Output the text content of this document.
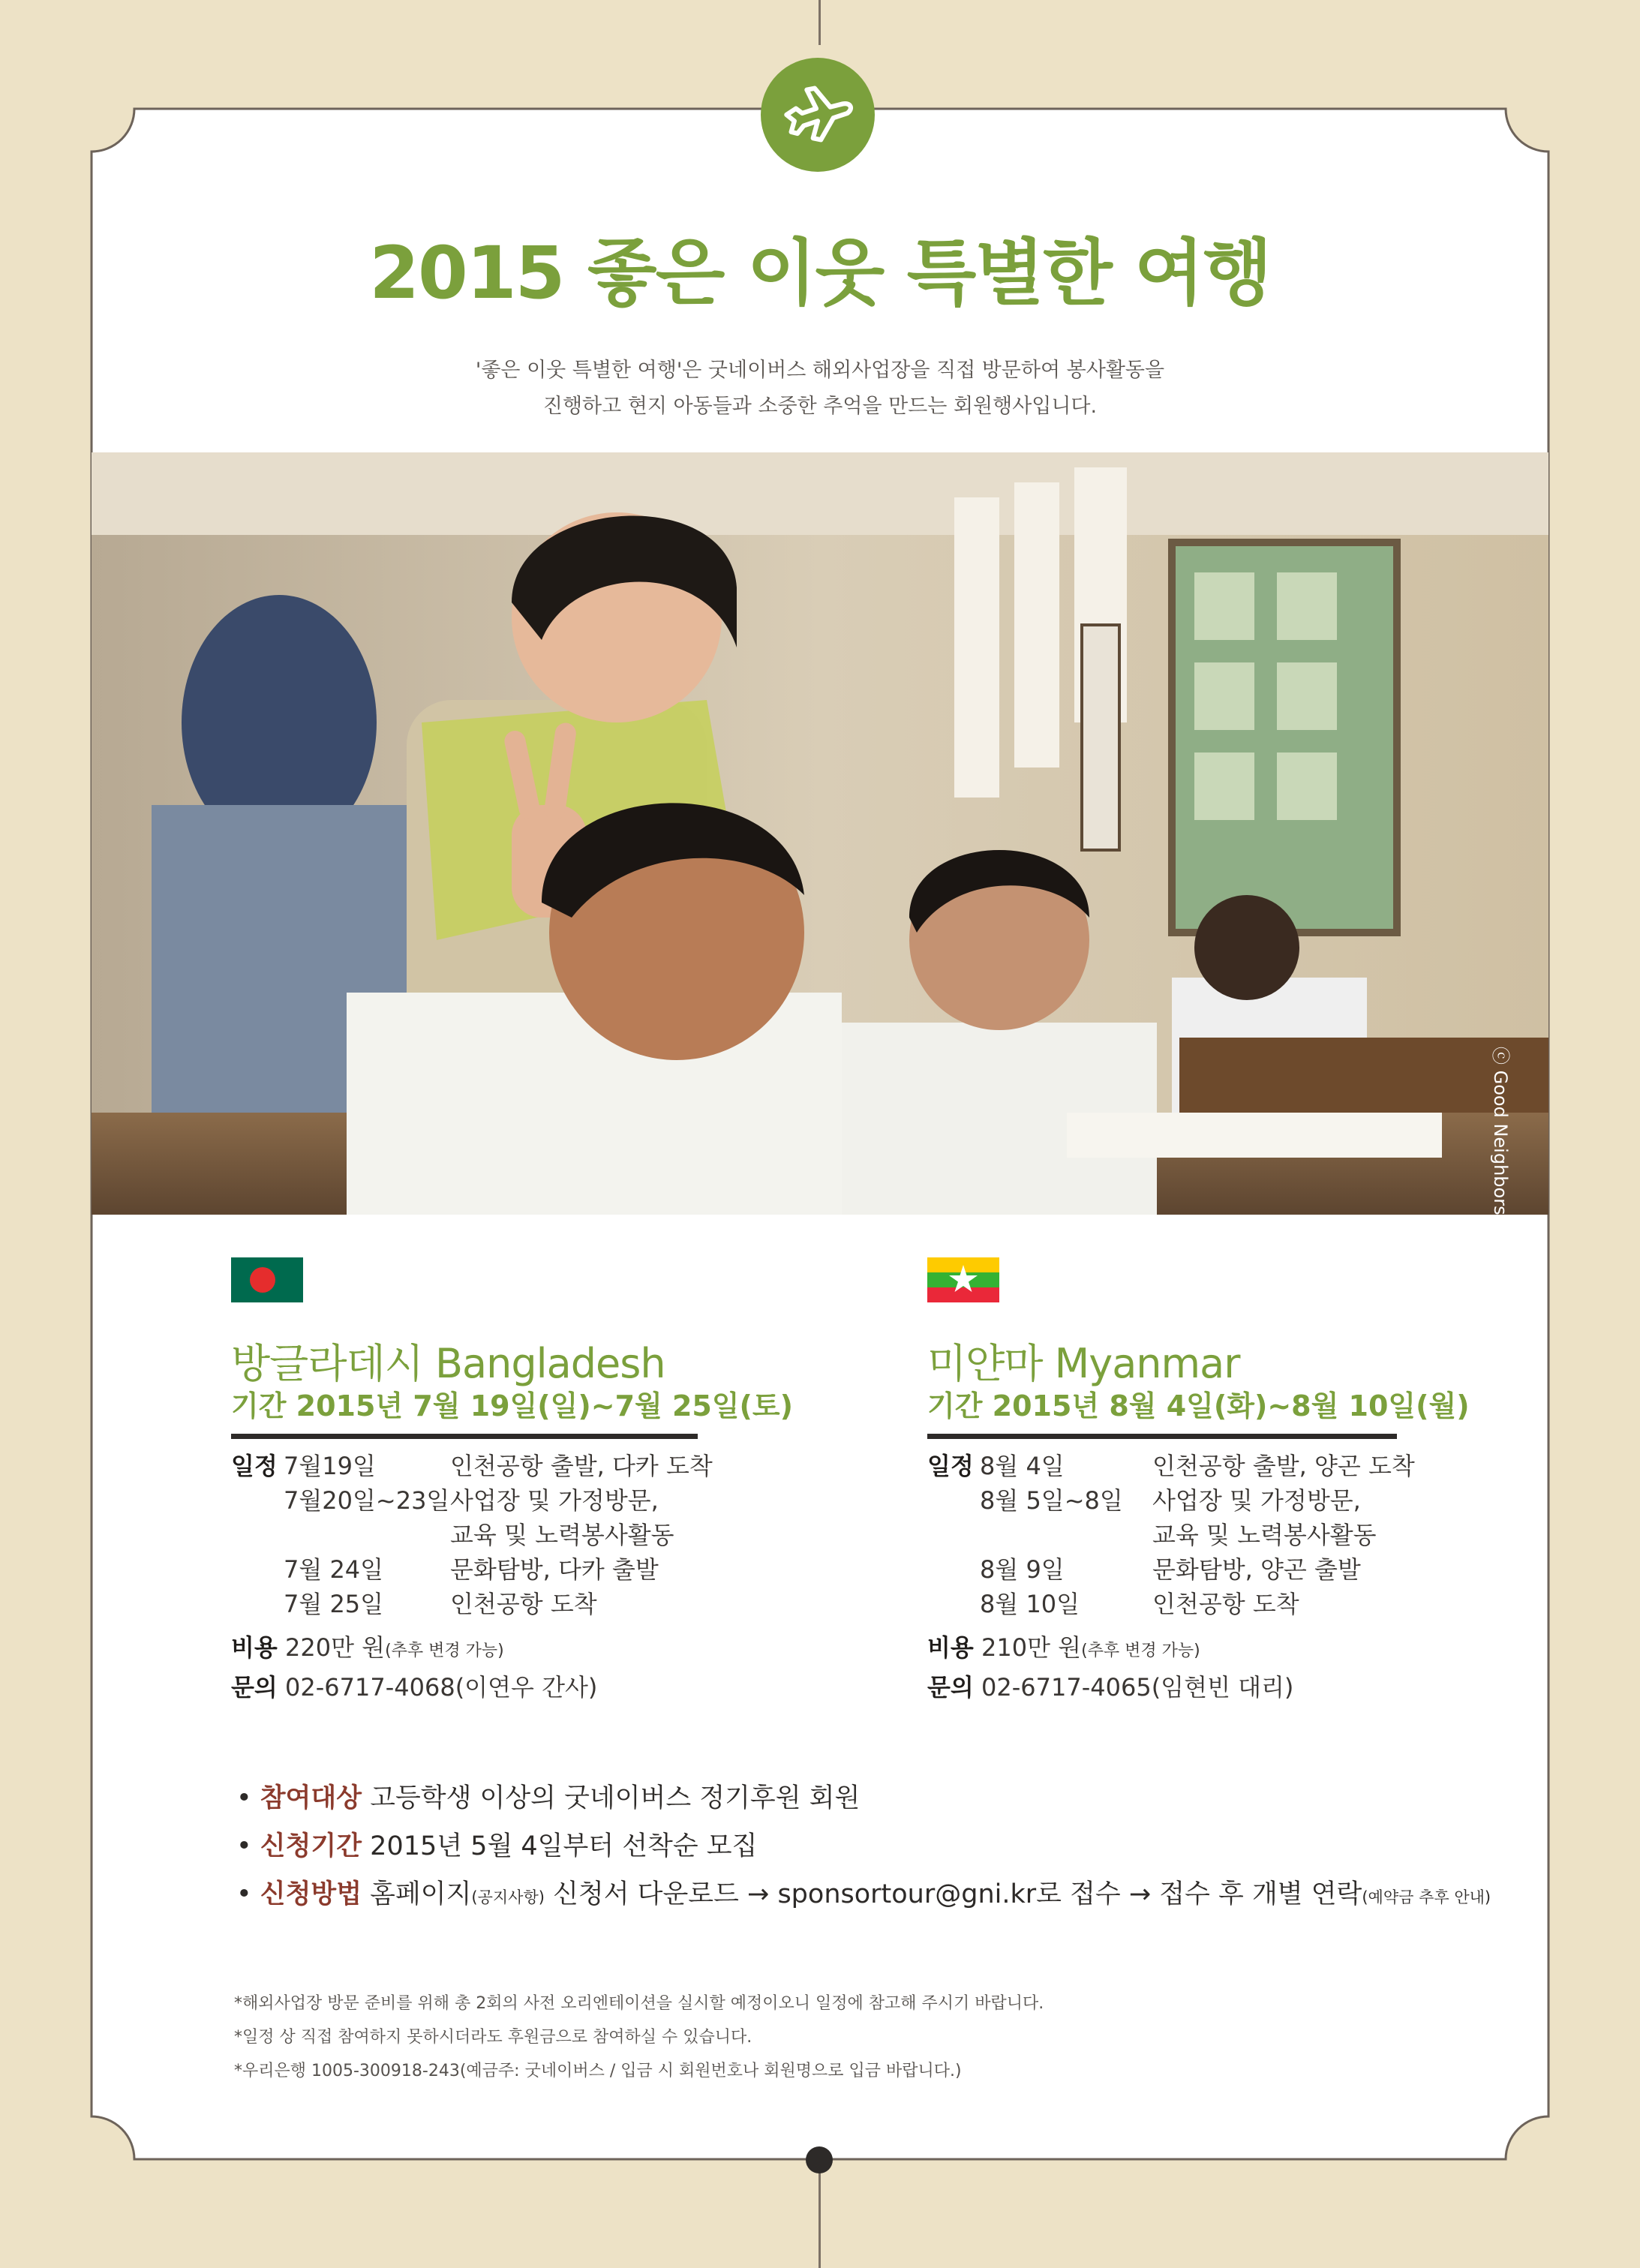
2015 좋은 이웃 특별한 여행
'좋은 이웃 특별한 여행'은 굿네이버스 해외사업장을 직접 방문하여 봉사활동을
진행하고 현지 아동들과 소중한 추억을 만드는 회원행사입니다.
ⓒ Good Neighbors
방글라데시 Bangladesh
기간 2015년 7월 19일(일)~7월 25일(토)
일정 7월19일	인천공항 출발, 다카 도착
7월20일~23일 사업장 및 가정방문,
교육 및 노력봉사활동
7월 24일	문화탐방, 다카 출발
7월 25일	인천공항 도착
비용 220만 원(추후 변경 가능)
문의 02-6717-4068(이연우 간사)
미얀마 Myanmar
기간 2015년 8월 4일(화)~8월 10일(월)
일정 8월 4일	인천공항 출발, 양곤 도착
8월 5일~8일 사업장 및 가정방문,
교육 및 노력봉사활동
8월 9일	문화탐방, 양곤 출발
8월 10일	인천공항 도착
비용 210만 원(추후 변경 가능)
문의 02-6717-4065(임현빈 대리)
• 참여대상 고등학생 이상의 굿네이버스 정기후원 회원
• 신청기간 2015년 5월 4일부터 선착순 모집
• 신청방법 홈페이지(공지사항) 신청서 다운로드 → sponsortour@gni.kr로 접수 → 접수 후 개별 연락(예약금 추후 안내)
*해외사업장 방문 준비를 위해 총 2회의 사전 오리엔테이션을 실시할 예정이오니 일정에 참고해 주시기 바랍니다.
*일정 상 직접 참여하지 못하시더라도 후원금으로 참여하실 수 있습니다.
*우리은행 1005-300918-243(예금주: 굿네이버스 / 입금 시 회원번호나 회원명으로 입금 바랍니다.)
